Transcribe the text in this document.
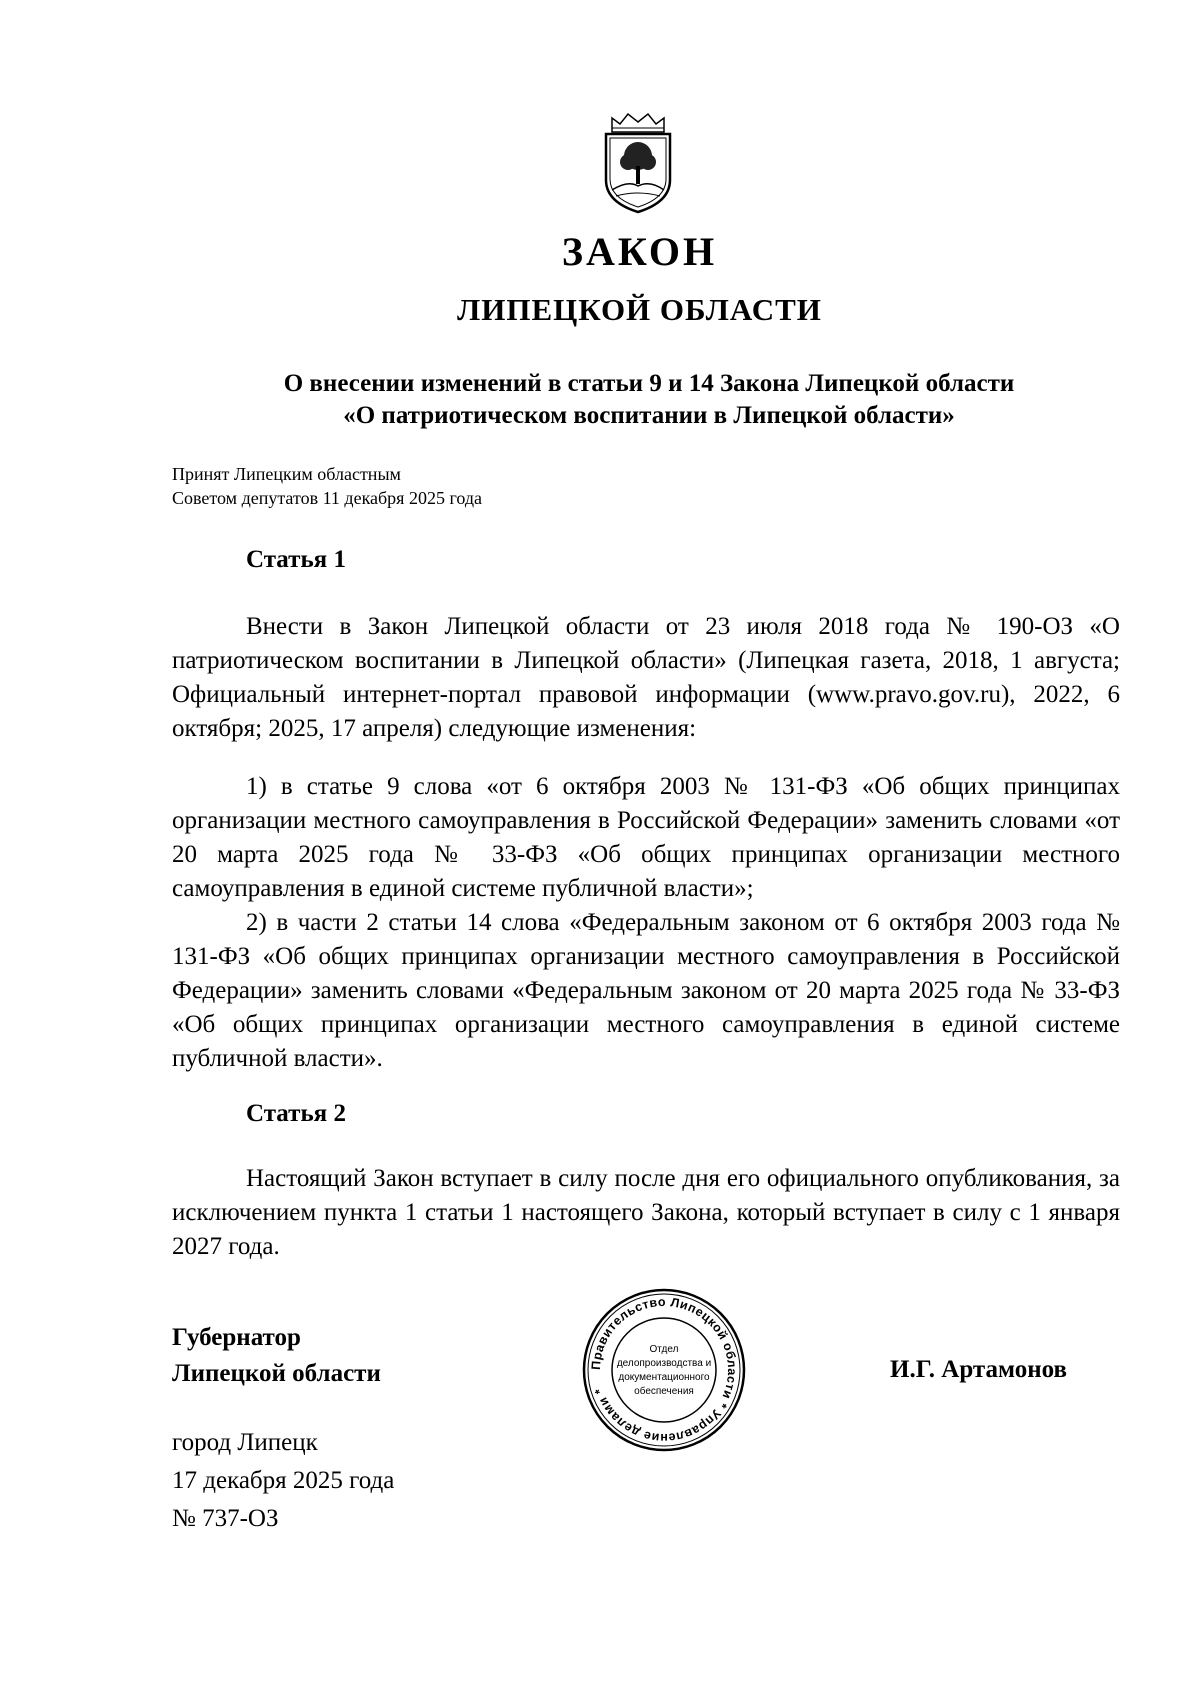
ЗАКОН
ЛИПЕЦКОЙ ОБЛАСТИ
О внесении изменений в статьи 9 и 14 Закона Липецкой области
«О патриотическом воспитании в Липецкой области»
Принят Липецким областным
Советом депутатов 11 декабря 2025 года
Статья 1

Внести в Закон Липецкой области от 23 июля 2018 года № 190-ОЗ «О патриотическом воспитании в Липецкой области» (Липецкая газета, 2018, 1 августа; Официальный интернет-портал правовой информации (www.pravo.gov.ru), 2022, 6 октября; 2025, 17 апреля) следующие изменения:

1) в статье 9 слова «от 6 октября 2003 № 131-ФЗ «Об общих принципах организации местного самоуправления в Российской Федерации» заменить словами «от 20 марта 2025 года № 33-ФЗ «Об общих принципах организации местного самоуправления в единой системе публичной власти»;

2) в части 2 статьи 14 слова «Федеральным законом от 6 октября 2003 года № 131-ФЗ «Об общих принципах организации местного самоуправления в Российской Федерации» заменить словами «Федеральным законом от 20 марта 2025 года № 33-ФЗ «Об общих принципах организации местного самоуправления в единой системе публичной власти».

Статья 2

Настоящий Закон вступает в силу после дня его официального опубликования, за исключением пункта 1 статьи 1 настоящего Закона, который вступает в силу с 1 января 2027 года.

Губернатор
Липецкой области	Правительство Липецкой области * Управление делами *
Отдел
делопроизводства и
документационного
обеспечения
И.Г. Артамонов
город Липецк
17 декабря 2025 года
№ 737-ОЗ
